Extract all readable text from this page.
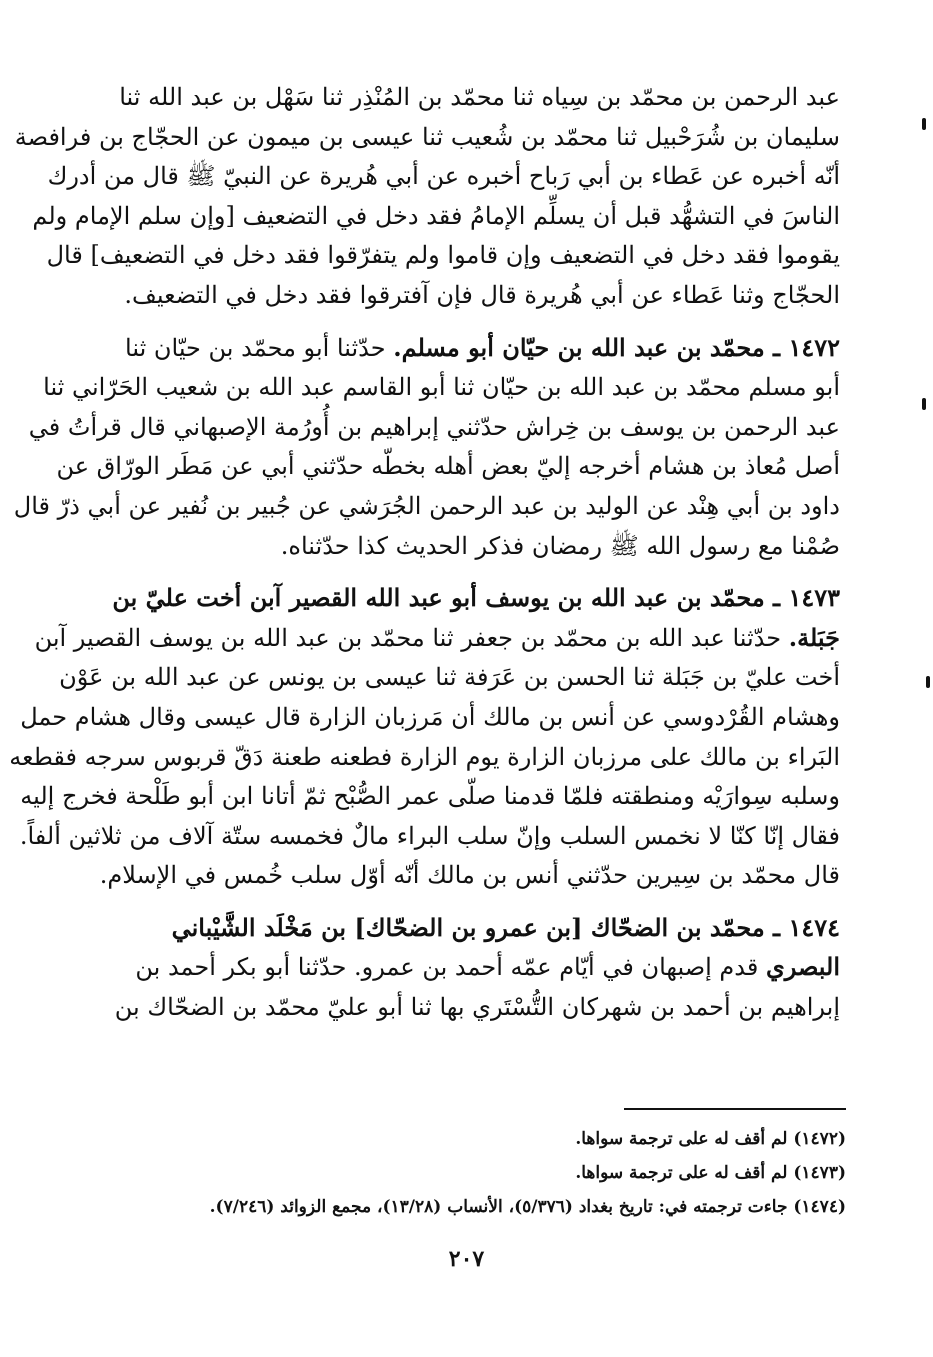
عبد الرحمن بن محمّد بن سِياه ثنا محمّد بن المُنْذِر ثنا سَهْل بن عبد الله ثنا
سليمان بن شُرَحْبيل ثنا محمّد بن شُعيب ثنا عيسى بن ميمون عن الحجّاج بن فرافصة
أنّه أخبره عن عَطاء بن أبي رَباح أخبره عن أبي هُريرة عن النبيّ ﷺ قال من أدرك
الناسَ في التشهُّد قبل أن يسلِّم الإمامُ فقد دخل في التضعيف [وإن سلم الإمام ولم
يقوموا فقد دخل في التضعيف وإن قاموا ولم يتفرّقوا فقد دخل في التضعيف] قال
الحجّاج وثنا عَطاء عن أبي هُريرة قال فإن آفترقوا فقد دخل في التضعيف.
١٤٧٢ ـ محمّد بن عبد الله بن حيّان أبو مسلم. حدّثنا أبو محمّد بن حيّان ثنا
أبو مسلم محمّد بن عبد الله بن حيّان ثنا أبو القاسم عبد الله بن شعيب الحَرّاني ثنا
عبد الرحمن بن يوسف بن خِراش حدّثني إبراهيم بن أُورُمة الإصبهاني قال قرأتُ في
أصل مُعاذ بن هشام أخرجه إليّ بعض أهله بخطّه حدّثني أبي عن مَطَر الورّاق عن
داود بن أبي هِنْد عن الوليد بن عبد الرحمن الجُرَشي عن جُبير بن نُفير عن أبي ذرّ قال
صُمْنا مع رسول الله ﷺ رمضان فذكر الحديث كذا حدّثناه.
١٤٧٣ ـ محمّد بن عبد الله بن يوسف أبو عبد الله القصير آبن أخت عليّ بن
جَبَلة. حدّثنا عبد الله بن محمّد بن جعفر ثنا محمّد بن عبد الله بن يوسف القصير آبن
أخت عليّ بن جَبَلة ثنا الحسن بن عَرَفة ثنا عيسى بن يونس عن عبد الله بن عَوْن
وهشام القُرْدوسي عن أنس بن مالك أن مَرزبان الزارة قال عيسى وقال هشام حمل
البَراء بن مالك على مرزبان الزارة يوم الزارة فطعنه طعنة دَقّ قربوس سرجه فقطعه
وسلبه سِوارَيْه ومنطقته فلمّا قدمنا صلّى عمر الصُّبْح ثمّ أتانا ابن أبو طَلْحة فخرج إليه
فقال إنّا كنّا لا نخمس السلب وإنّ سلب البراء مالٌ فخمسه ستّة آلاف من ثلاثين ألفاً.
قال محمّد بن سِيرين حدّثني أنس بن مالك أنّه أوّل سلب خُمس في الإسلام.
١٤٧٤ ـ محمّد بن الضحّاك [بن عمرو بن الضحّاك] بن مَخْلَد الشَّيْباني
البصري قدم إصبهان في أيّام عمّه أحمد بن عمرو. حدّثنا أبو بكر أحمد بن
إبراهيم بن أحمد بن شهركان التُّسْتَري بها ثنا أبو عليّ محمّد بن الضحّاك بن
(١٤٧٢) لم أقف له على ترجمة سواها.
(١٤٧٣) لم أقف له على ترجمة سواها.
(١٤٧٤) جاءت ترجمته في: تاريخ بغداد (٥/٣٧٦)، الأنساب (١٣/٢٨)، مجمع الزوائد (٧/٢٤٦).
٢٠٧
